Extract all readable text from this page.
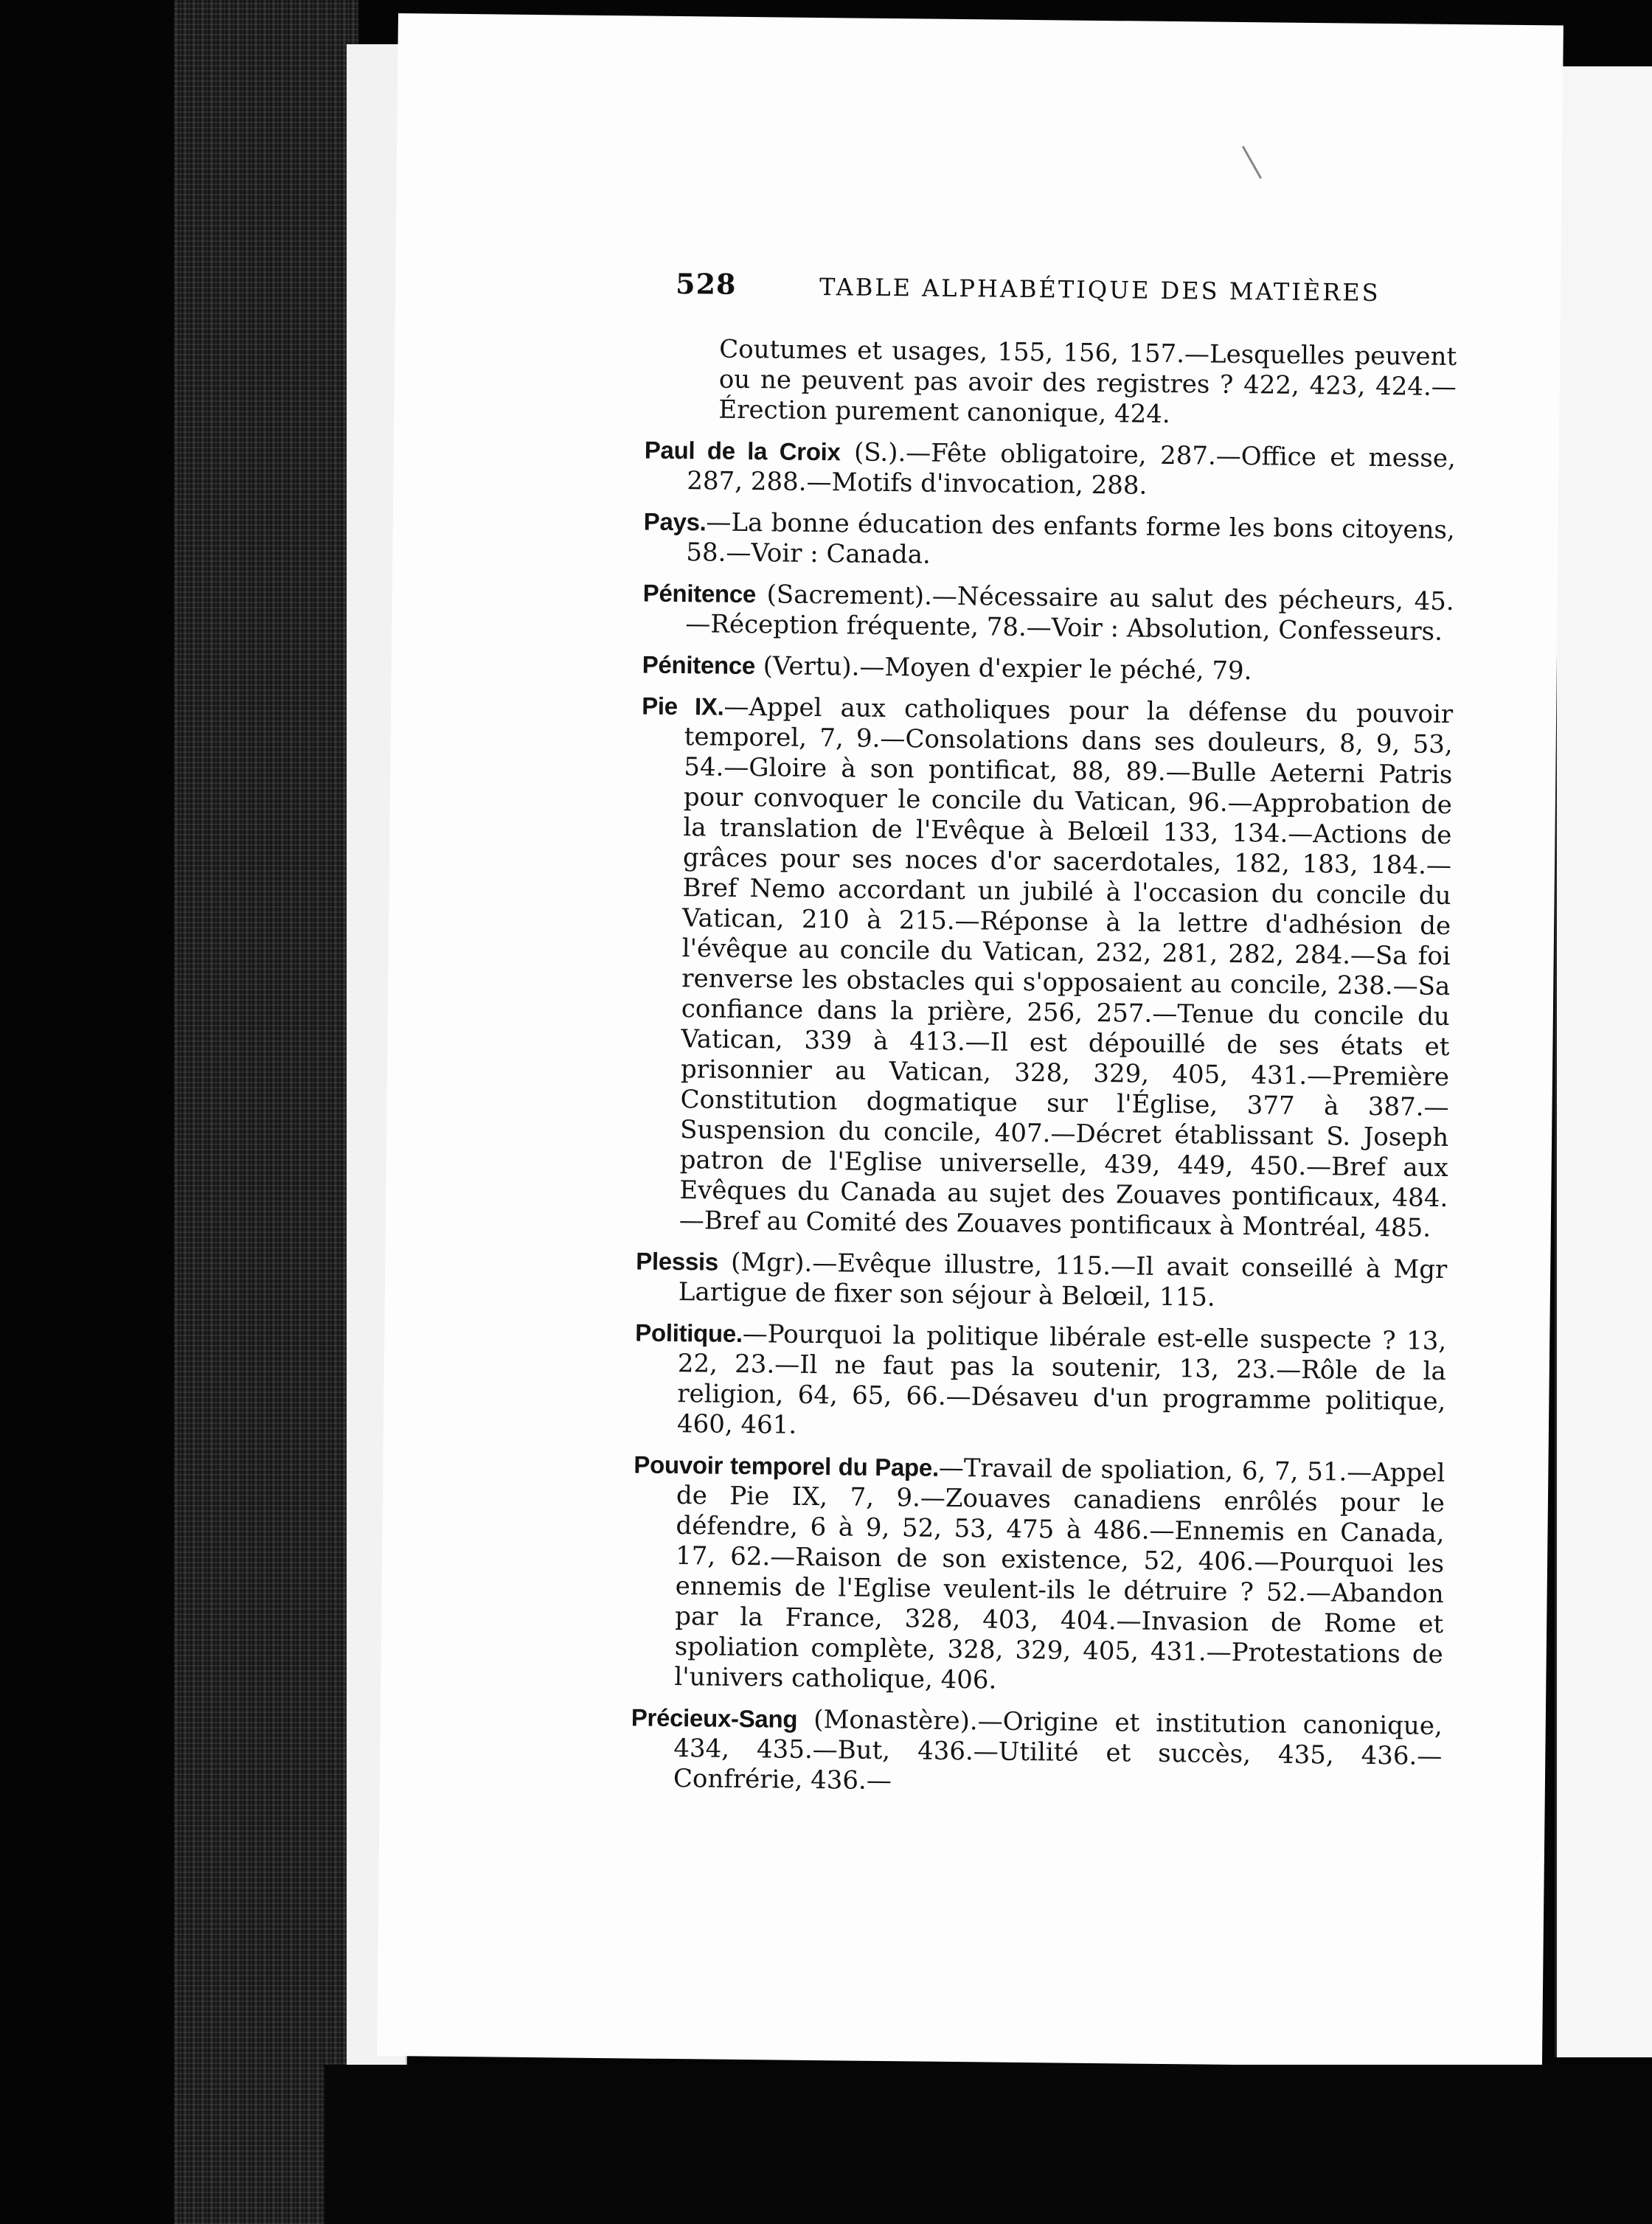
528	TABLE ALPHABÉTIQUE DES MATIÈRES

Coutumes et usages, 155, 156, 157.—Lesquelles peuvent ou ne peuvent pas avoir des registres ? 422, 423, 424.—Érection purement canonique, 424.

Paul de la Croix (S.).—Fête obligatoire, 287.—Office et messe, 287, 288.—Motifs d'invocation, 288.

Pays.—La bonne éducation des enfants forme les bons citoyens, 58.—Voir : Canada.

Pénitence (Sacrement).—Nécessaire au salut des pécheurs, 45.—Réception fréquente, 78.—Voir : Absolution, Confesseurs.

Pénitence (Vertu).—Moyen d'expier le péché, 79.

Pie IX.—Appel aux catholiques pour la défense du pouvoir temporel, 7, 9.—Consolations dans ses douleurs, 8, 9, 53, 54.—Gloire à son pontificat, 88, 89.—Bulle Aeterni Patris pour convoquer le concile du Vatican, 96.—Approbation de la translation de l'Evêque à Belœil 133, 134.—Actions de grâces pour ses noces d'or sacerdotales, 182, 183, 184.—Bref Nemo accordant un jubilé à l'occasion du concile du Vatican, 210 à 215.—Réponse à la lettre d'adhésion de l'évêque au concile du Vatican, 232, 281, 282, 284.—Sa foi renverse les obstacles qui s'opposaient au concile, 238.—Sa confiance dans la prière, 256, 257.—Tenue du concile du Vatican, 339 à 413.—Il est dépouillé de ses états et prisonnier au Vatican, 328, 329, 405, 431.—Première Constitution dogmatique sur l'Église, 377 à 387.—Suspension du concile, 407.—Décret établissant S. Joseph patron de l'Eglise universelle, 439, 449, 450.—Bref aux Evêques du Canada au sujet des Zouaves pontificaux, 484.—Bref au Comité des Zouaves pontificaux à Montréal, 485.

Plessis (Mgr).—Evêque illustre, 115.—Il avait conseillé à Mgr Lartigue de fixer son séjour à Belœil, 115.

Politique.—Pourquoi la politique libérale est-elle suspecte ? 13, 22, 23.—Il ne faut pas la soutenir, 13, 23.—Rôle de la religion, 64, 65, 66.—Désaveu d'un programme politique, 460, 461.

Pouvoir temporel du Pape.—Travail de spoliation, 6, 7, 51.—Appel de Pie IX, 7, 9.—Zouaves canadiens enrôlés pour le défendre, 6 à 9, 52, 53, 475 à 486.—Ennemis en Canada, 17, 62.—Raison de son existence, 52, 406.—Pourquoi les ennemis de l'Eglise veulent-ils le détruire ? 52.—Abandon par la France, 328, 403, 404.—Invasion de Rome et spoliation complète, 328, 329, 405, 431.—Protestations de l'univers catholique, 406.

Précieux-Sang (Monastère).—Origine et institution canonique, 434, 435.—But, 436.—Utilité et succès, 435, 436.—Confrérie, 436.—
